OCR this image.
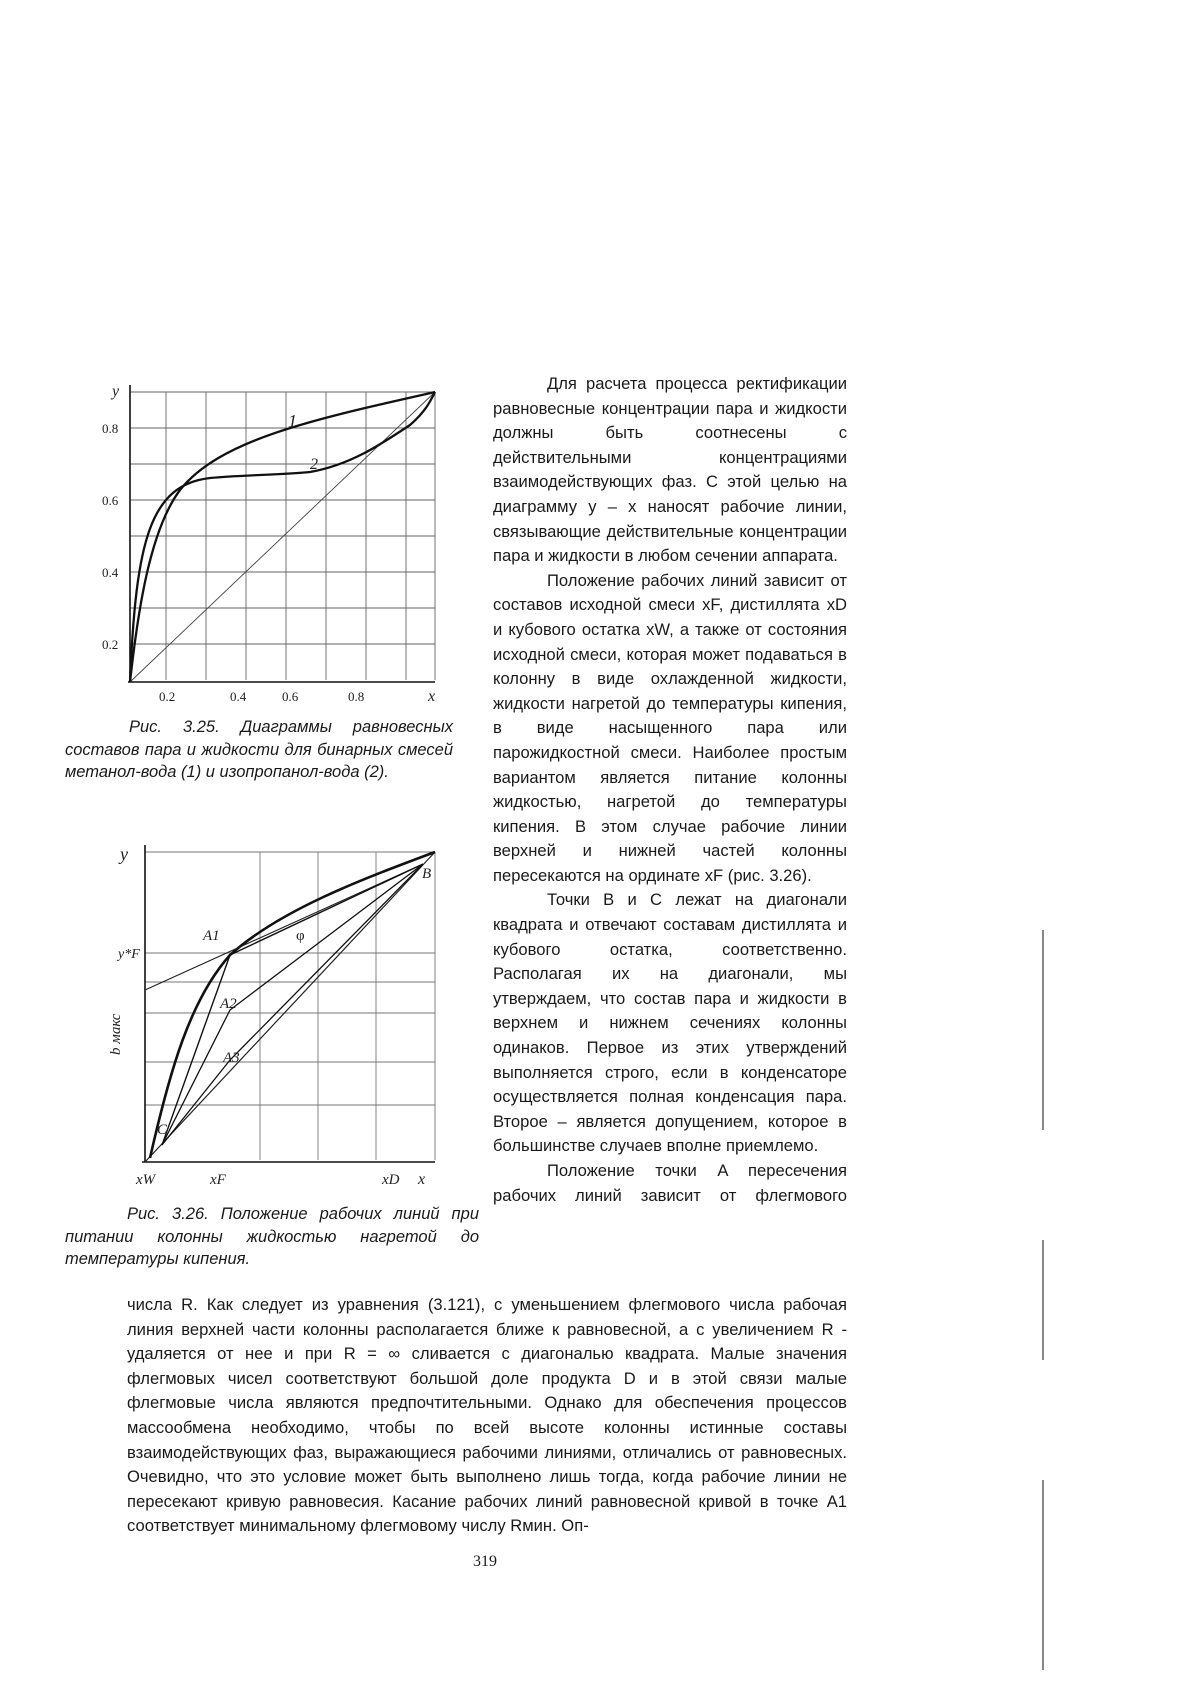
y
0.8
0.6
0.4
0.2
0.2	0.4	0.6	0.8	x
1
2

Рис. 3.25. Диаграммы равновесных составов пара и жидкости для бинарных смесей метанол-вода (1) и изопропанол-вода (2).

y
y*F
b макс
xW	xF	xD x
A1
A2
A3
B
C
φ

Рис. 3.26. Положение рабочих линий при питании колонны жидкостью нагретой до температуры кипения.

Для расчета процесса ректификации равновесные концентрации пара и жидкости должны быть соотнесены с действительными концентрациями взаимодействующих фаз. С этой целью на диаграмму y – x наносят рабочие линии, связывающие действительные концентрации пара и жидкости в любом сечении аппарата.

Положение рабочих линий зависит от составов исходной смеси xF, дистиллята xD и кубового остатка xW, а также от состояния исходной смеси, которая может подаваться в колонну в виде охлажденной жидкости, жидкости нагретой до температуры кипения, в виде насыщенного пара или парожидкостной смеси. Наиболее простым вариантом является питание колонны жидкостью, нагретой до температуры кипения. В этом случае рабочие линии верхней и нижней частей колонны пересекаются на ординате xF (рис. 3.26).

Точки B и C лежат на диагонали квадрата и отвечают составам дистиллята и кубового остатка, соответственно. Располагая их на диагонали, мы утверждаем, что состав пара и жидкости в верхнем и нижнем сечениях колонны одинаков. Первое из этих утверждений выполняется строго, если в конденсаторе осуществляется полная конденсация пара. Второе – является допущением, которое в большинстве случаев вполне приемлемо.

Положение точки A пересечения рабочих линий зависит от флегмового

числа R. Как следует из уравнения (3.121), с уменьшением флегмового числа рабочая линия верхней части колонны располагается ближе к равновесной, а с увеличением R - удаляется от нее и при R = ∞ сливается с диагональю квадрата. Малые значения флегмовых чисел соответствуют большой доле продукта D и в этой связи малые флегмовые числа являются предпочтительными. Однако для обеспечения процессов массообмена необходимо, чтобы по всей высоте колонны истинные составы взаимодействующих фаз, выражающиеся рабочими линиями, отличались от равновесных. Очевидно, что это условие может быть выполнено лишь тогда, когда рабочие линии не пересекают кривую равновесия. Касание рабочих линий равновесной кривой в точке A1 соответствует минимальному флегмовому числу Rмин. Оп-

319
